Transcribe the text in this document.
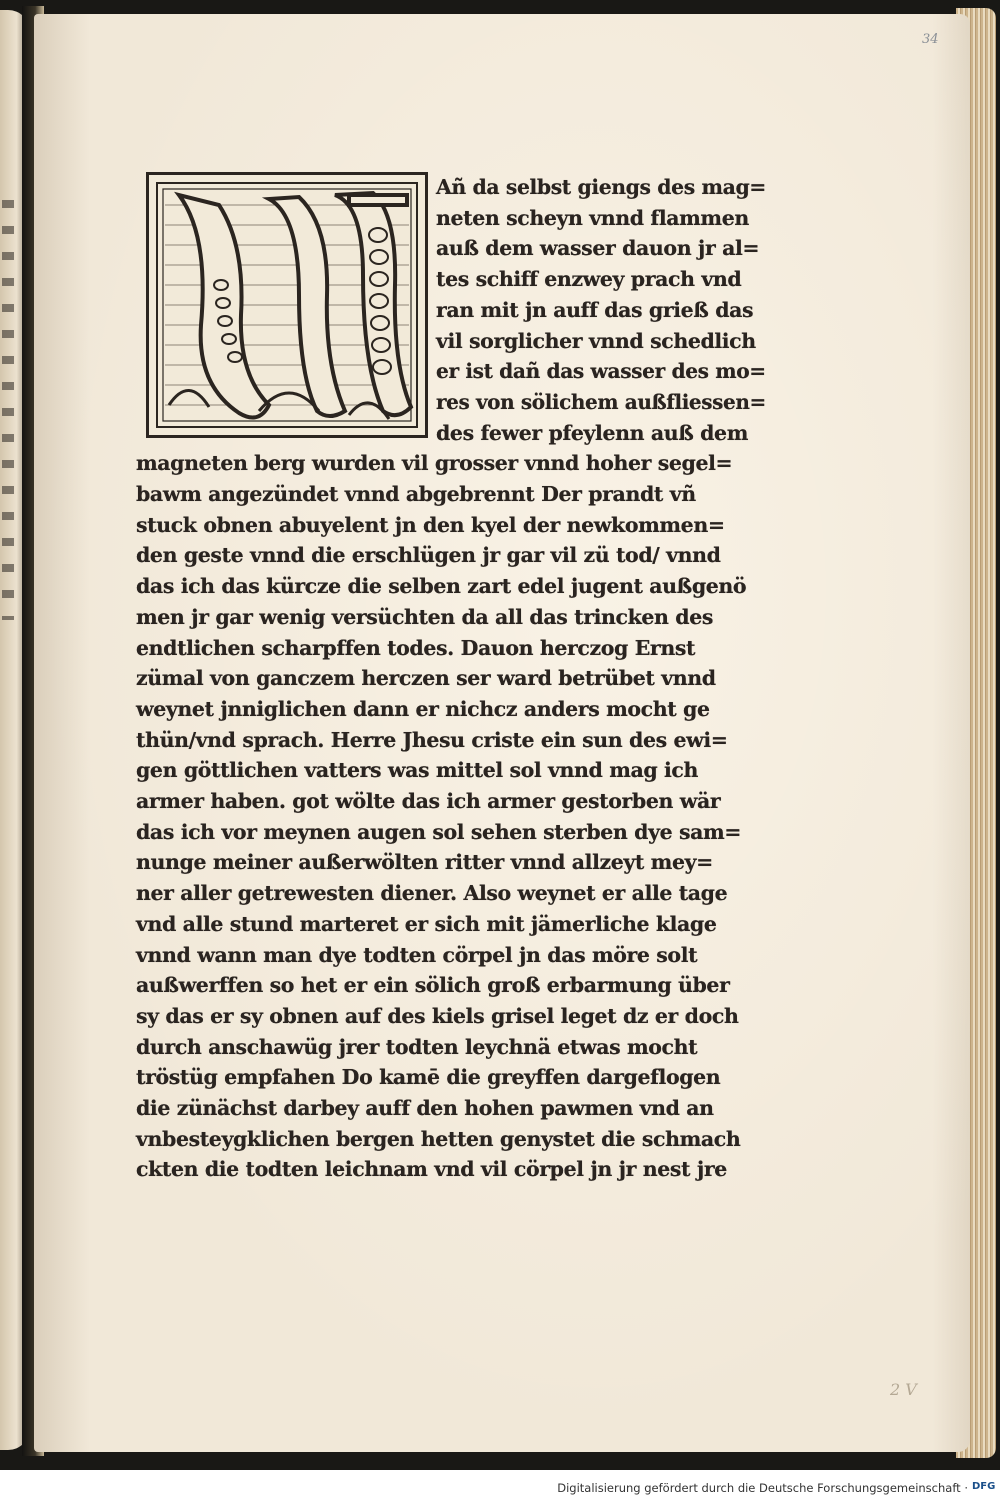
34
Añ da selbst giengs des mag=
neten schеyn vnnd flammen
auß dem wasser dauon jr al=
tes schiff enzwey prach vnd
ran mit jn auff das grieß das
vil sorglicher vnnd schedlich
er ist dañ das wasser des mo=
res von sölichem außfliessen=
des fewer pfeylenn auß dem
magneten berg wurden vil grosser vnnd hoher segel=
bawm angezündet vnnd abgebrennt Der prandt vñ
stuck obnen abuyelent jn den kyel der newkommen=
den geste vnnd die erschlügen jr gar vil zü tod/ vnnd
das ich das kürcze die selben zart edel jugent außgenö
men jr gar wenig versüchten da all das trincken des
endtlichen scharpffen todes. Dauon herczog Ernst
zümal von ganczem herczen ser ward betrübet vnnd
weynet jnniglichen dann er nichcz anders mocht ge
thün/vnd sprach. Herre Jhesu criste ein sun des ewi=
gen göttlichen vatters was mittel sol vnnd mag ich
armer haben. got wölte das ich armer gestorben wär
das ich vor meynen augen sol sehen sterben dye sam=
nunge meiner außerwölten ritter vnnd allzeyt mey=
ner aller getrewesten diener. Also weynet er alle tage
vnd alle stund marteret er sich mit jämerliche klage
vnnd wann man dye todten cörpel jn das möre solt
außwerffen so het er ein sölich groß erbarmung über
sy das er sy obnen auf des kiels grisel leget dz er doch
durch anschawüg jrer todten leychnä etwas mocht
tröstüg empfahen Do kamē die greyffen dargeflogen
die zünächst darbey auff den hohen pawmen vnd an
vnbesteygklichen bergen hetten genystet die schmach
ckten die todten leichnam vnd vil cörpel jn jr nest jre
2 V
Digitalisierung gefördert durch die Deutsche Forschungsgemeinschaft · DFG
